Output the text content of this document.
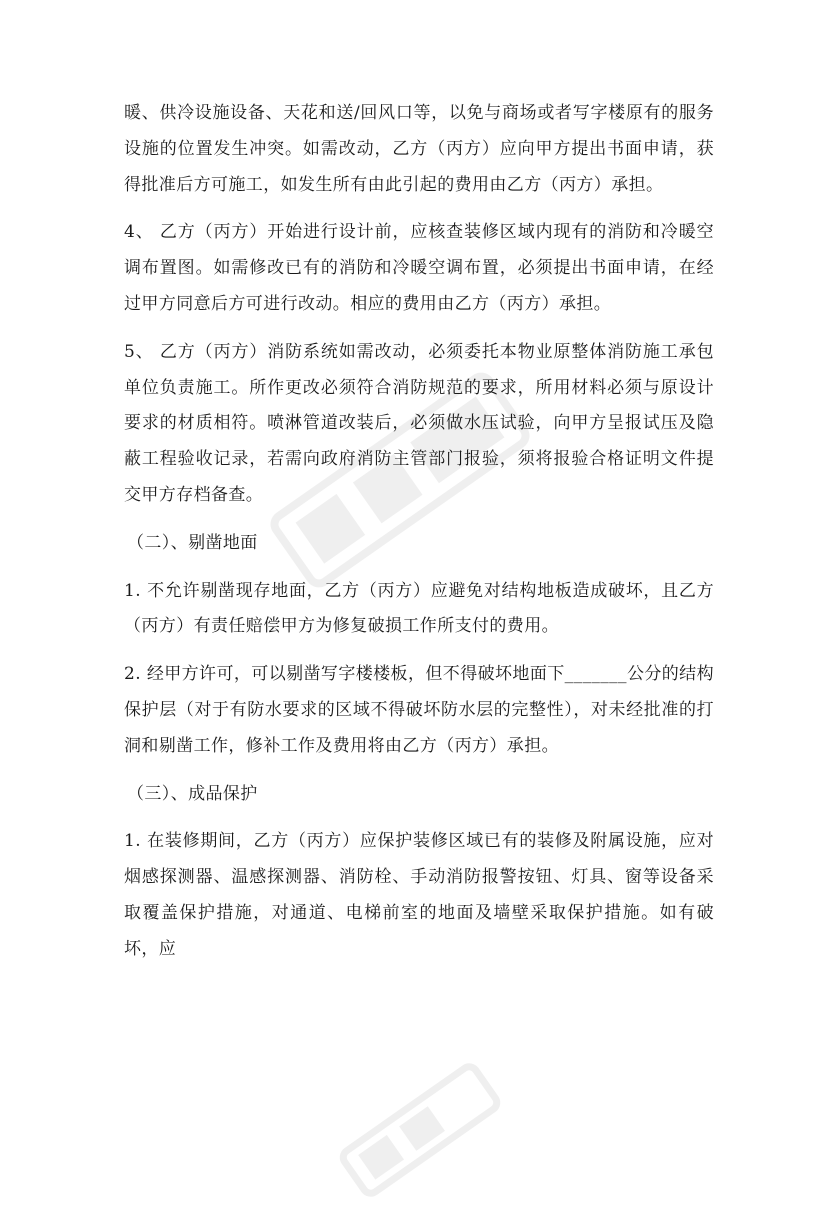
暖、供冷设施设备、天花和送/回风口等，以免与商场或者写字楼原有的服务设施的位置发生冲突。如需改动，乙方（丙方）应向甲方提出书面申请，获得批准后方可施工，如发生所有由此引起的费用由乙方（丙方）承担。

4、 乙方（丙方）开始进行设计前，应核查装修区域内现有的消防和冷暖空调布置图。如需修改已有的消防和冷暖空调布置，必须提出书面申请，在经过甲方同意后方可进行改动。相应的费用由乙方（丙方）承担。

5、 乙方（丙方）消防系统如需改动，必须委托本物业原整体消防施工承包单位负责施工。所作更改必须符合消防规范的要求，所用材料必须与原设计要求的材质相符。喷淋管道改装后，必须做水压试验，向甲方呈报试压及隐蔽工程验收记录，若需向政府消防主管部门报验，须将报验合格证明文件提交甲方存档备查。

（二）、剔凿地面

1. 不允许剔凿现存地面，乙方（丙方）应避免对结构地板造成破坏，且乙方（丙方）有责任赔偿甲方为修复破损工作所支付的费用。

2. 经甲方许可，可以剔凿写字楼楼板，但不得破坏地面下_______公分的结构保护层（对于有防水要求的区域不得破坏防水层的完整性），对未经批准的打洞和剔凿工作，修补工作及费用将由乙方（丙方）承担。

（三）、成品保护

1. 在装修期间，乙方（丙方）应保护装修区域已有的装修及附属设施，应对烟感探测器、温感探测器、消防栓、手动消防报警按钮、灯具、窗等设备采取覆盖保护措施，对通道、电梯前室的地面及墙壁采取保护措施。如有破坏，应
